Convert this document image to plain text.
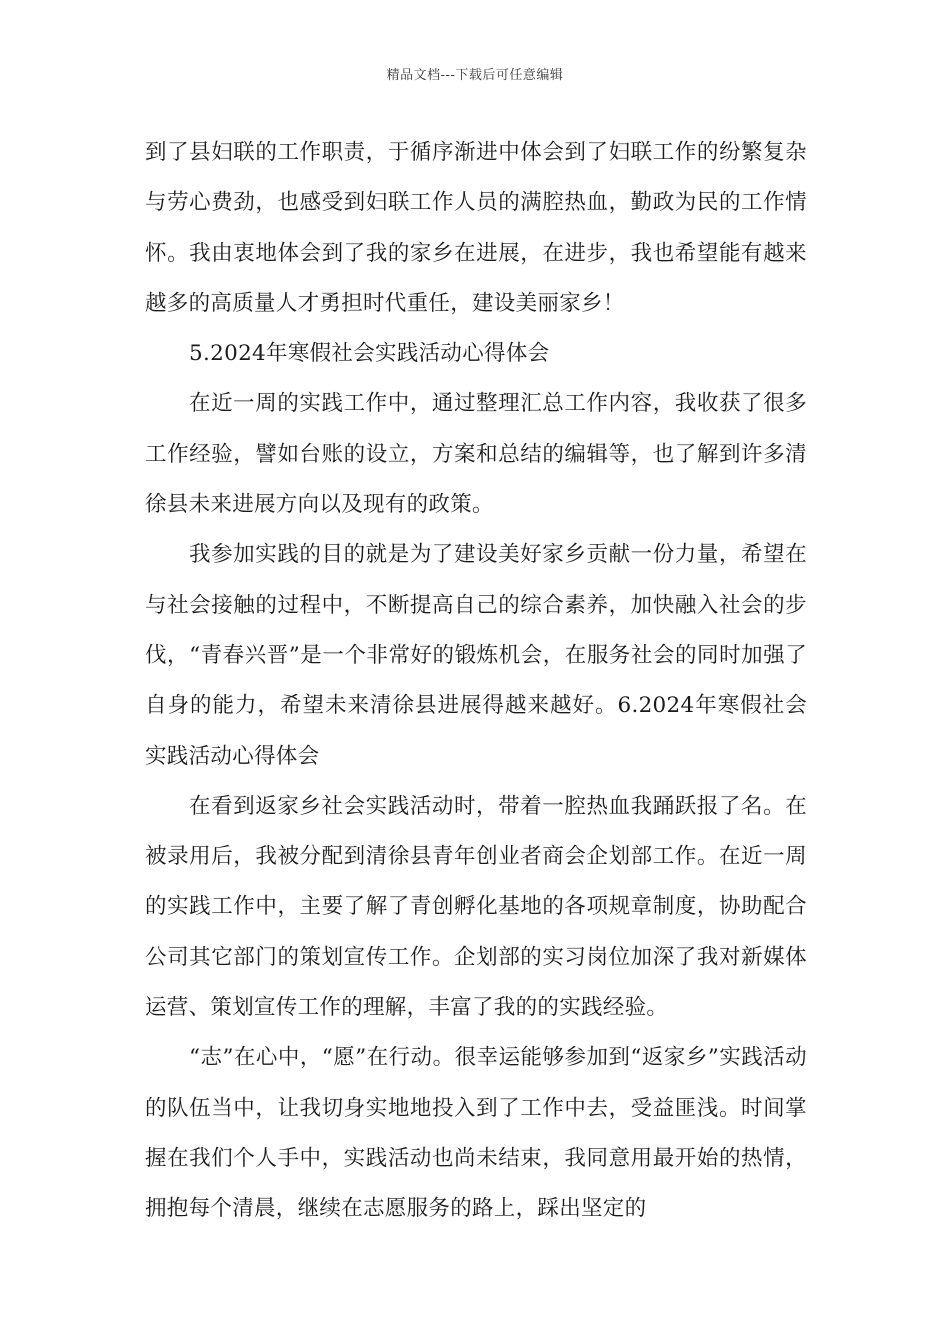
精品文档---下载后可任意编辑

到了县妇联的工作职责，于循序渐进中体会到了妇联工作的纷繁复杂与劳心费劲，也感受到妇联工作人员的满腔热血，勤政为民的工作情怀。我由衷地体会到了我的家乡在进展，在进步，我也希望能有越来越多的高质量人才勇担时代重任，建设美丽家乡！

5.2024年寒假社会实践活动心得体会

在近一周的实践工作中，通过整理汇总工作内容，我收获了很多工作经验，譬如台账的设立，方案和总结的编辑等，也了解到许多清徐县未来进展方向以及现有的政策。

我参加实践的目的就是为了建设美好家乡贡献一份力量，希望在与社会接触的过程中，不断提高自己的综合素养，加快融入社会的步伐，“青春兴晋”是一个非常好的锻炼机会，在服务社会的同时加强了自身的能力，希望未来清徐县进展得越来越好。6.2024年寒假社会实践活动心得体会

在看到返家乡社会实践活动时，带着一腔热血我踊跃报了名。在被录用后，我被分配到清徐县青年创业者商会企划部工作。在近一周的实践工作中，主要了解了青创孵化基地的各项规章制度，协助配合公司其它部门的策划宣传工作。企划部的实习岗位加深了我对新媒体运营、策划宣传工作的理解，丰富了我的的实践经验。

“志”在心中，“愿”在行动。很幸运能够参加到“返家乡”实践活动的队伍当中，让我切身实地地投入到了工作中去，受益匪浅。时间掌握在我们个人手中，实践活动也尚未结束，我同意用最开始的热情，拥抱每个清晨，继续在志愿服务的路上，踩出坚定的
